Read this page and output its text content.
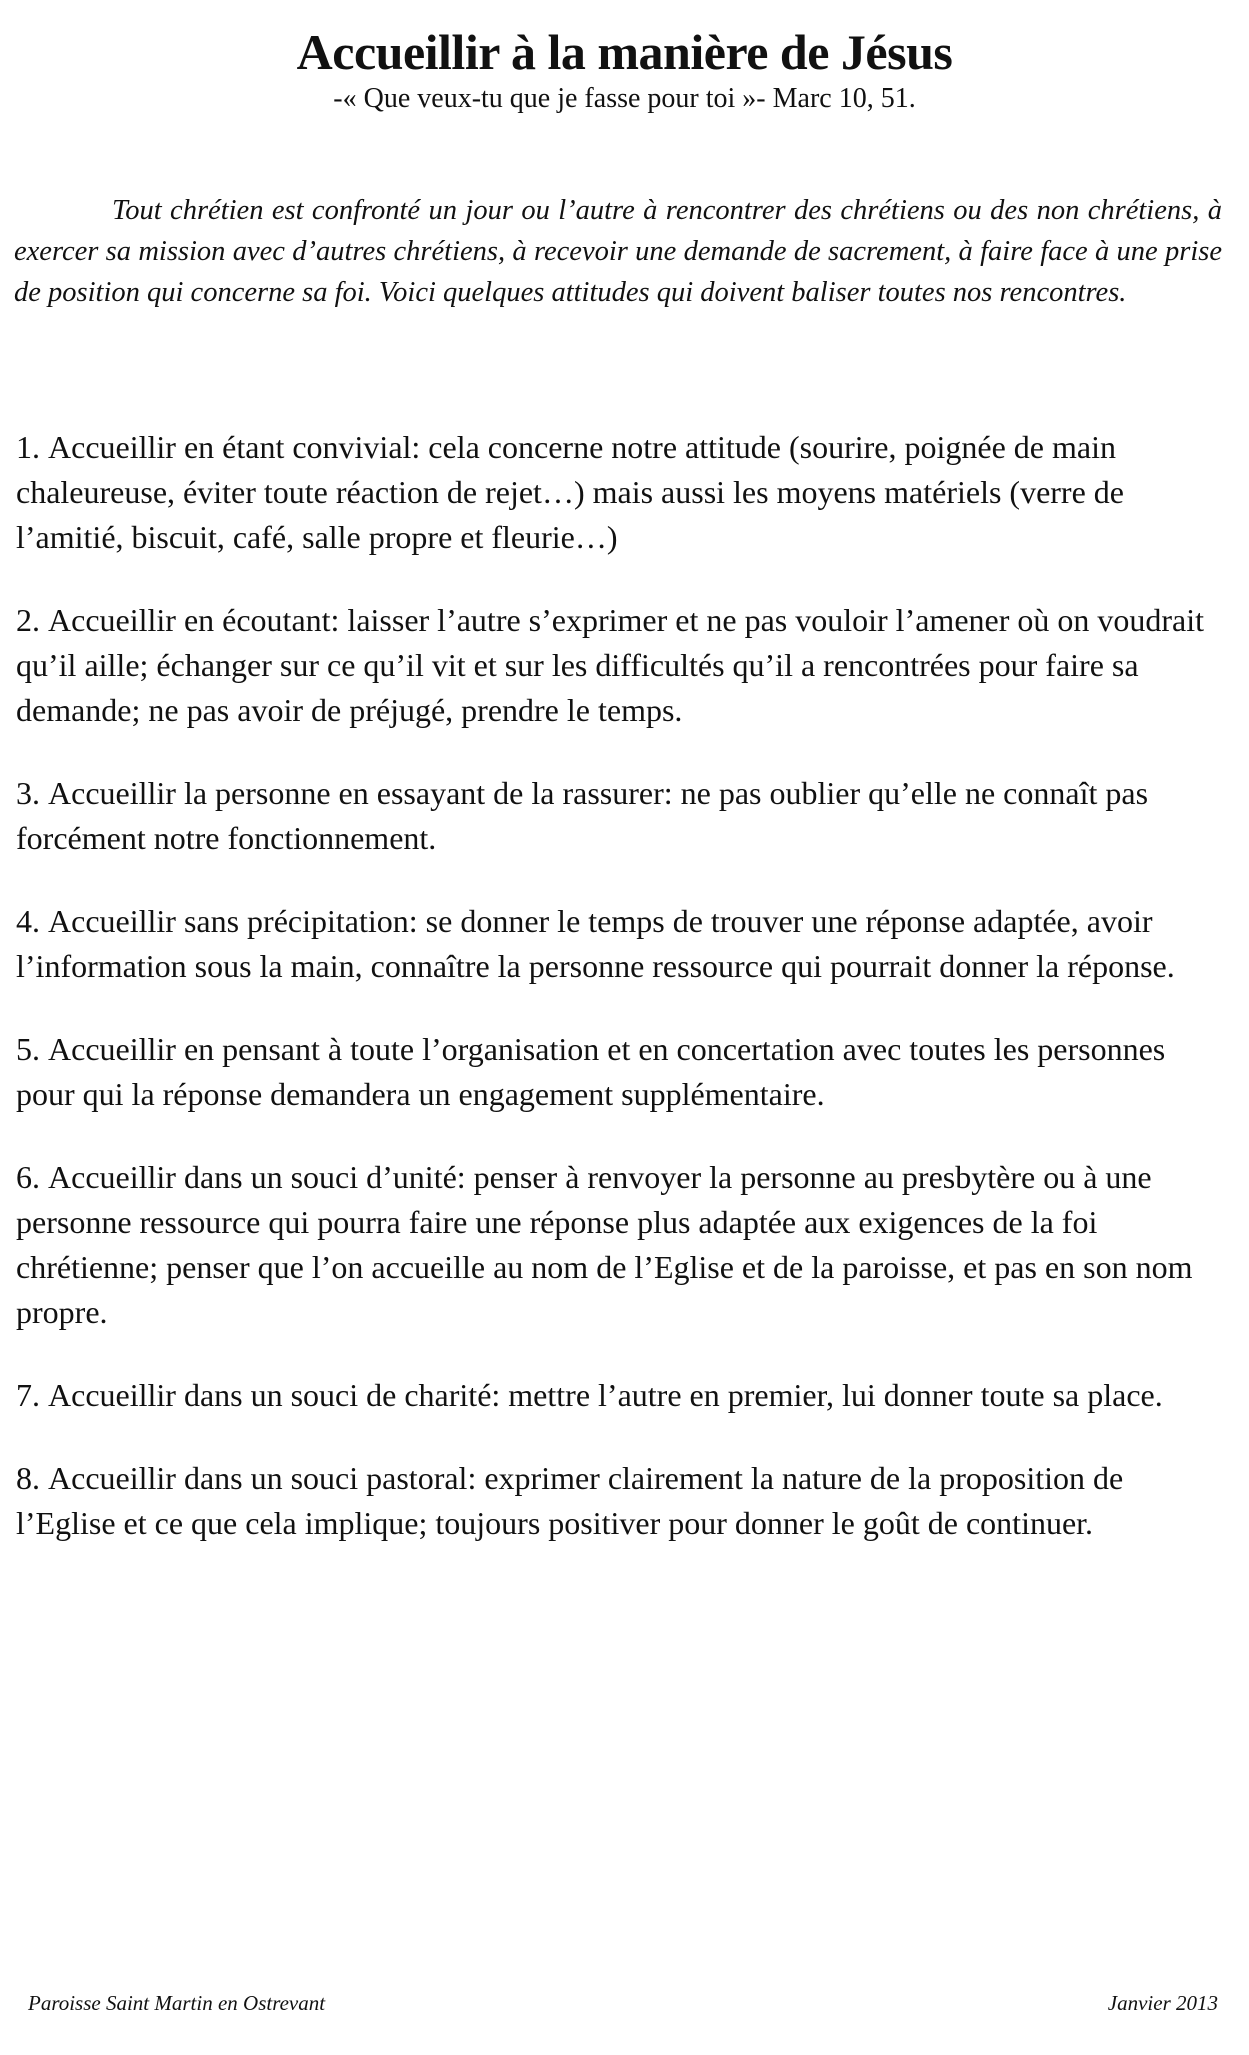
Accueillir à la manière de Jésus
-« Que veux-tu que je fasse pour toi »- Marc 10, 51.

Tout chrétien est confronté un jour ou l’autre à rencontrer des chrétiens ou des non chrétiens, à exercer sa mission avec d’autres chrétiens, à recevoir une demande de sacrement, à faire face à une prise de position qui concerne sa foi. Voici quelques attitudes qui doivent baliser toutes nos rencontres.

1. Accueillir en étant convivial: cela concerne notre attitude (sourire, poignée de main chaleureuse, éviter toute réaction de rejet…) mais aussi les moyens matériels (verre de l’amitié, biscuit, café, salle propre et fleurie…)
2. Accueillir en écoutant: laisser l’autre s’exprimer et ne pas vouloir l’amener où on voudrait qu’il aille; échanger sur ce qu’il vit et sur les difficultés qu’il a rencontrées pour faire sa demande; ne pas avoir de préjugé, prendre le temps.
3. Accueillir la personne en essayant de la rassurer: ne pas oublier qu’elle ne connaît pas forcément notre fonctionnement.
4. Accueillir sans précipitation: se donner le temps de trouver une réponse adaptée, avoir l’information sous la main, connaître la personne ressource qui pourrait donner la réponse.
5. Accueillir en pensant à toute l’organisation et en concertation avec toutes les personnes pour qui la réponse demandera un engagement supplémentaire.
6. Accueillir dans un souci d’unité: penser à renvoyer la personne au presbytère ou à une personne ressource qui pourra faire une réponse plus adaptée aux exigences de la foi chrétienne; penser que l’on accueille au nom de l’Eglise et de la paroisse, et pas en son nom propre.
7. Accueillir dans un souci de charité: mettre l’autre en premier, lui donner toute sa place.
8. Accueillir dans un souci pastoral: exprimer clairement la nature de la proposition de l’Eglise et ce que cela implique; toujours positiver pour donner le goût de continuer.
Paroisse Saint Martin en Ostrevant	Janvier 2013
